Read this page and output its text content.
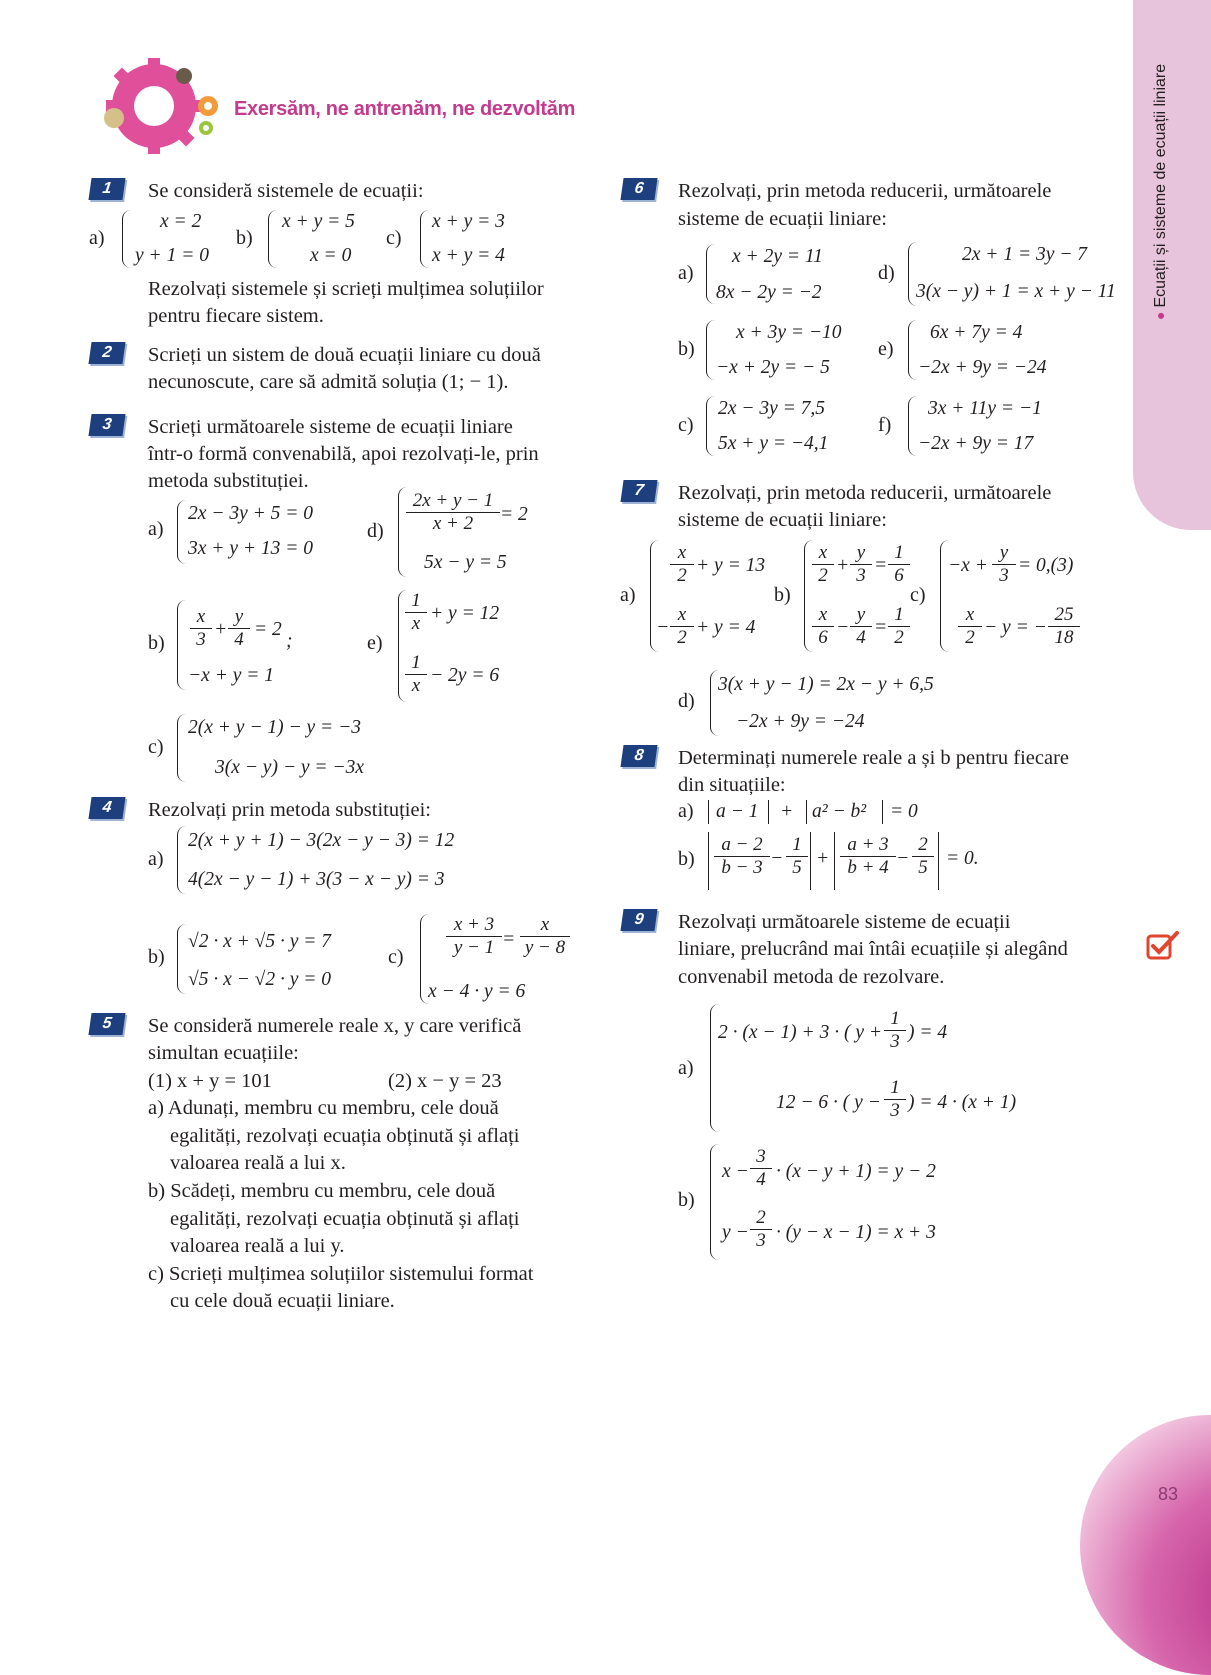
●Ecuații și sisteme de ecuații liniare
83
Exersăm, ne antrenăm, ne dezvoltăm
1	Se consideră sistemele de ecuații:
a)
x = 2
y + 1 = 0
b)
x + y = 5
x = 0
c)
x + y = 3
x + y = 4
Rezolvați sistemele și scrieți mulțimea soluțiilor
pentru fiecare sistem.
2	Scrieți un sistem de două ecuații liniare cu două
necunoscute, care să admită soluția (1; − 1).
3	Scrieți următoarele sisteme de ecuații liniare
într-o formă convenabilă, apoi rezolvați-le, prin
metoda substituției.
a)
2x − 3y + 5 = 0
3x + y + 13 = 0
$d) \frac{2x + y - 1}{x + 2} = 2$
5x − y = 5
$b) \frac{x}{3} + \frac{y}{4} = 2$
;
−x + y = 1
e)
$\frac{1}{x} + y = 12$
$\frac{1}{x} - 2y = 6$
c)
2(x + y − 1) − y = −3
3(x − y) − y = −3x
4	Rezolvați prin metoda substituției:
a)
2(x + y + 1) − 3(2x − y − 3) = 12
4(2x − y − 1) + 3(3 − x − y) = 3
b)
√2 · x + √5 · y = 7
√5 · x − √2 · y = 0
$c) \frac{x + 3}{y - 1} = \frac{x}{y - 8}$
x − 4 · y = 6
5	Se consideră numerele reale x, y care verifică
simultan ecuațiile:
(1) x + y = 101	(2) x − y = 23
a) Adunați, membru cu membru, cele două
egalități, rezolvați ecuația obținută și aflați
valoarea reală a lui x.
b) Scădeți, membru cu membru, cele două
egalități, rezolvați ecuația obținută și aflați
valoarea reală a lui y.
c) Scrieți mulțimea soluțiilor sistemului format
cu cele două ecuații liniare.
6	Rezolvați, prin metoda reducerii, următoarele
sisteme de ecuații liniare:
a)
x + 2y = 11
8x − 2y = −2
d)
2x + 1 = 3y − 7
3(x − y) + 1 = x + y − 11
b)
x + 3y = −10
−x + 2y = − 5
e)
6x + 7y = 4
−2x + 9y = −24
c)
2x − 3y = 7,5
5x + y = −4,1
f)
3x + 11y = −1
−2x + 9y = 17
7	Rezolvați, prin metoda reducerii, următoarele
sisteme de ecuații liniare:
a)
$\frac{x}{2} + y = 13$
− $\frac{x}{2} + y = 4$
b)
$\frac{x}{2} + \frac{y}{3} = \frac{1}{6}$
$\frac{x}{6} - \frac{y}{4} = \frac{1}{2}$
c)
$-x + \frac{y}{3} = 0,(3)$
$\frac{x}{2} - y$ = − $\frac{25}{18}$
d)
3(x + y − 1) = 2x − y + 6,5
−2x + 9y = −24
8	Determinați numerele reale a și b pentru fiecare
din situațiile:
a) a − 1 + a² − b² = 0
$b) \frac{a - 2}{b - 3} - \frac{1}{5} + \frac{a + 3}{b + 4} - \frac{2}{5} = 0$.
9	Rezolvați următoarele sisteme de ecuații
liniare, prelucrând mai întâi ecuațiile și alegând
convenabil metoda de rezolvare.
a)
2 · (x − 1) + 3 · ( $y + \frac{1}{3}$ ) = 4
12 − 6 · ( $y - \frac{1}{3}$ ) = 4 · (x + 1)
b)
$x - \frac{3}{4} \cdot (x - y + 1) = y - 2$
$y - \frac{2}{3} \cdot (y - x - 1) = x + 3$
